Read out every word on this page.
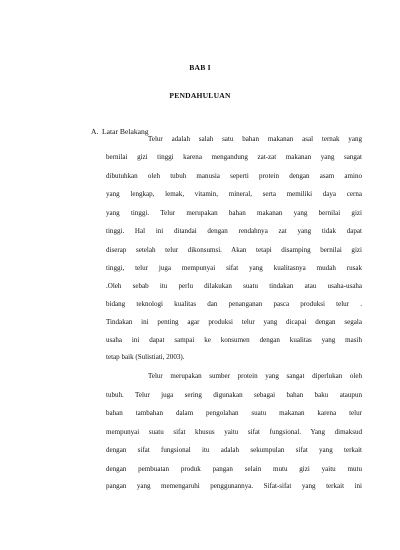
BAB I
PENDAHULUAN
A. Latar Belakang
Telur adalah salah satu bahan makanan asal ternak yang
bernilai gizi tinggi karena mengandung zat-zat makanan yang sangat
dibutuhkan oleh tubuh manusia seperti protein dengan asam amino
yang lengkap, lemak, vitamin, mineral, serta memiliki daya cerna
yang tinggi. Telur merupakan bahan makanan yang bernilai gizi
tinggi. Hal ini ditandai dengan rendahnya zat yang tidak dapat
diserap setelah telur dikonsumsi. Akan tetapi disamping bernilai gizi
tinggi, telur juga mempunyai sifat yang kualitasnya mudah rusak
.Oleh sebab itu perlu dilakukan suatu tindakan atau usaha-usaha
bidang teknologi kualitas dan penanganan pasca produksi telur .
Tindakan ini penting agar produksi telur yang dicapai dengan segala
usaha ini dapat sampai ke konsumen dengan kualitas yang masih
tetap baik (Sulistiati, 2003).
Telur merupakan sumber protein yang sangat diperlukan oleh
tubuh. Telur juga sering digunakan sebagai bahan baku ataupun
bahan tambahan dalam pengolahan suatu makanan karena telur
mempunyai suatu sifat khusus yaitu sifat fungsional. Yang dimaksud
dengan sifat fungsional itu adalah sekumpulan sifat yang terkait
dengan pembuatan produk pangan selain mutu gizi yaitu mutu
pangan yang memengaruhi penggunannya. Sifat-sifat yang terkait ini
